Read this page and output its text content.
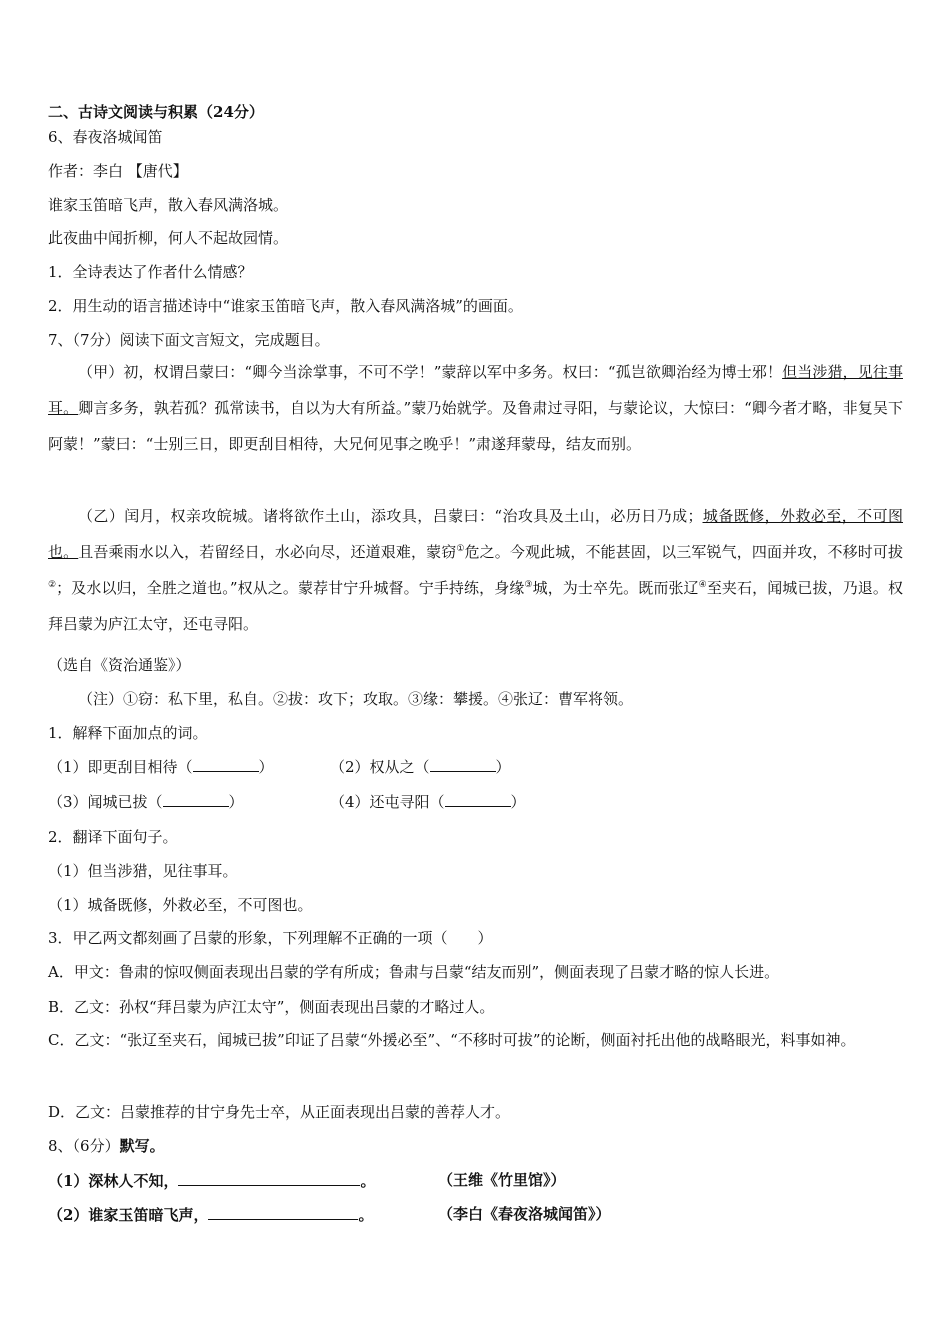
二、古诗文阅读与积累（24分）
6、春夜洛城闻笛
作者：李白 【唐代】
谁家玉笛暗飞声，散入春风满洛城。
此夜曲中闻折柳，何人不起故园情。
1．全诗表达了作者什么情感？
2．用生动的语言描述诗中“谁家玉笛暗飞声，散入春风满洛城”的画面。
7、（7分）阅读下面文言短文，完成题目。
（甲）初，权谓吕蒙曰：“卿今当涂掌事，不可不学！”蒙辞以军中多务。权曰：“孤岂欲卿治经为博士邪！但当涉猎，见往事耳。卿言多务，孰若孤？孤常读书，自以为大有所益。”蒙乃始就学。及鲁肃过寻阳，与蒙论议，大惊曰：“卿今者才略，非复吴下阿蒙！”蒙曰：“士别三日，即更刮目相待，大兄何见事之晚乎！”肃遂拜蒙母，结友而别。
（乙）闰月，权亲攻皖城。诸将欲作土山，添攻具，吕蒙曰：“治攻具及土山，必历日乃成；城备既修，外救必至，不可图也。且吾乘雨水以入，若留经日，水必向尽，还道艰难，蒙窃①危之。今观此城，不能甚固，以三军锐气，四面并攻，不移时可拔②；及水以归，全胜之道也。”权从之。蒙荐甘宁升城督。宁手持练，身缘③城，为士卒先。既而张辽④至夹石，闻城已拔，乃退。权拜吕蒙为庐江太守，还屯寻阳。
（选自《资治通鉴》）
（注）①窃：私下里，私自。②拔：攻下；攻取。③缘：攀援。④张辽：曹军将领。
1．解释下面加点的词。
（1）即更刮目相待（	）	（2）权从之（	）
（3）闻城已拔（	）	（4）还屯寻阳（	）
2．翻译下面句子。
（1）但当涉猎，见往事耳。
（1）城备既修，外救必至，不可图也。
3．甲乙两文都刻画了吕蒙的形象，下列理解不正确的一项（　　）
A．甲文：鲁肃的惊叹侧面表现出吕蒙的学有所成；鲁肃与吕蒙“结友而别”，侧面表现了吕蒙才略的惊人长进。
B．乙文：孙权“拜吕蒙为庐江太守”，侧面表现出吕蒙的才略过人。
C．乙文：“张辽至夹石，闻城已拔”印证了吕蒙“外援必至”、“不移时可拔”的论断，侧面衬托出他的战略眼光，料事如神。
D．乙文：吕蒙推荐的甘宁身先士卒，从正面表现出吕蒙的善荐人才。
8、（6分）默写。
（1）深林人不知，	。	（王维《竹里馆》）
（2）谁家玉笛暗飞声，	。	（李白《春夜洛城闻笛》）
